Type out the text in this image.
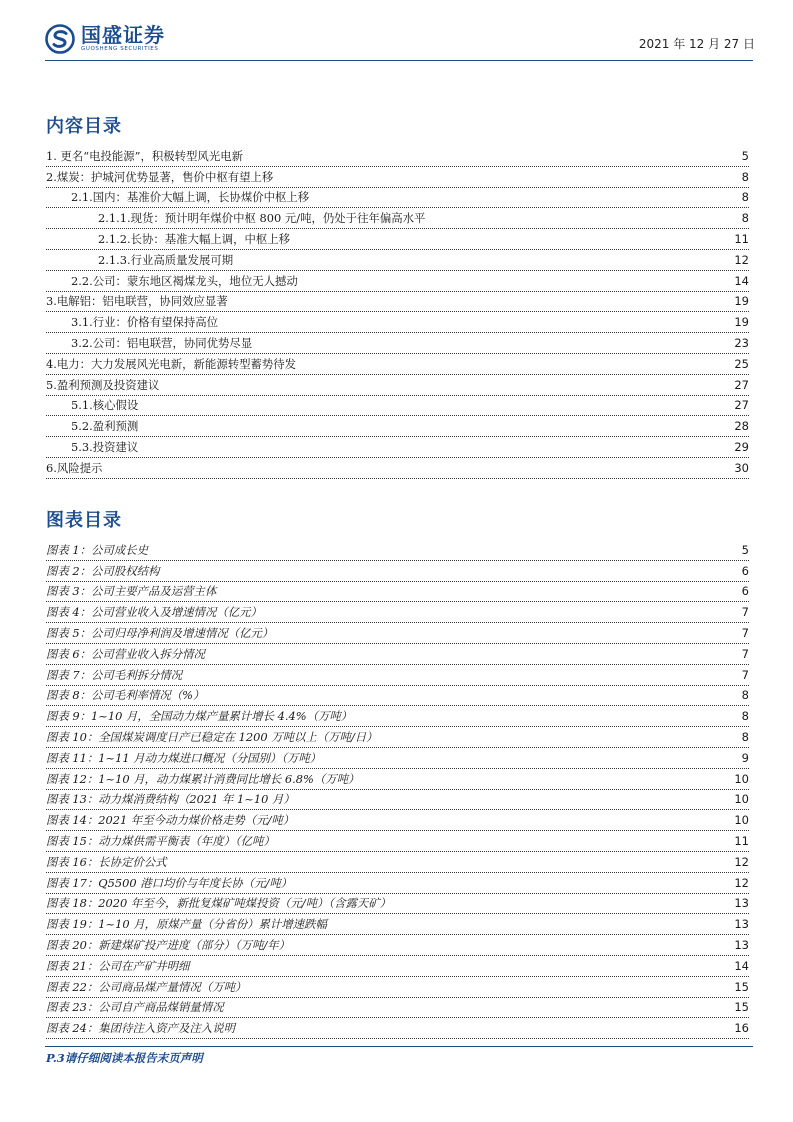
国盛证券
GUOSHENG SECURITIES	2021 年 12 月 27 日
内容目录
1. 更名“电投能源”，积极转型风光电新	5
2.煤炭：护城河优势显著，售价中枢有望上移	8
2.1.国内：基准价大幅上调，长协煤价中枢上移	8
2.1.1.现货：预计明年煤价中枢 800 元/吨，仍处于往年偏高水平	8
2.1.2.长协：基准大幅上调，中枢上移	11
2.1.3.行业高质量发展可期	12
2.2.公司：蒙东地区褐煤龙头，地位无人撼动	14
3.电解铝：铝电联营，协同效应显著	19
3.1.行业：价格有望保持高位	19
3.2.公司：铝电联营，协同优势尽显	23
4.电力：大力发展风光电新，新能源转型蓄势待发	25
5.盈利预测及投资建议	27
5.1.核心假设	27
5.2.盈利预测	28
5.3.投资建议	29
6.风险提示	30
图表目录
图表 1：公司成长史	5
图表 2：公司股权结构	6
图表 3：公司主要产品及运营主体	6
图表 4：公司营业收入及增速情况（亿元）	7
图表 5：公司归母净利润及增速情况（亿元）	7
图表 6：公司营业收入拆分情况	7
图表 7：公司毛利拆分情况	7
图表 8：公司毛利率情况（%）	8
图表 9：1~10 月，全国动力煤产量累计增长 4.4%（万吨）	8
图表 10：全国煤炭调度日产已稳定在 1200 万吨以上（万吨/日）	8
图表 11：1~11 月动力煤进口概况（分国别）（万吨）	9
图表 12：1~10 月，动力煤累计消费同比增长 6.8%（万吨）	10
图表 13：动力煤消费结构（2021 年 1~10 月）	10
图表 14：2021 年至今动力煤价格走势（元/吨）	10
图表 15：动力煤供需平衡表（年度）（亿吨）	11
图表 16：长协定价公式	12
图表 17：Q5500 港口均价与年度长协（元/吨）	12
图表 18：2020 年至今，新批复煤矿吨煤投资（元/吨）（含露天矿）	13
图表 19：1~10 月，原煤产量（分省份）累计增速跌幅	13
图表 20：新建煤矿投产进度（部分）（万吨/年）	13
图表 21：公司在产矿井明细	14
图表 22：公司商品煤产量情况（万吨）	15
图表 23：公司自产商品煤销量情况	15
图表 24：集团待注入资产及注入说明	16
P.3请仔细阅读本报告末页声明
